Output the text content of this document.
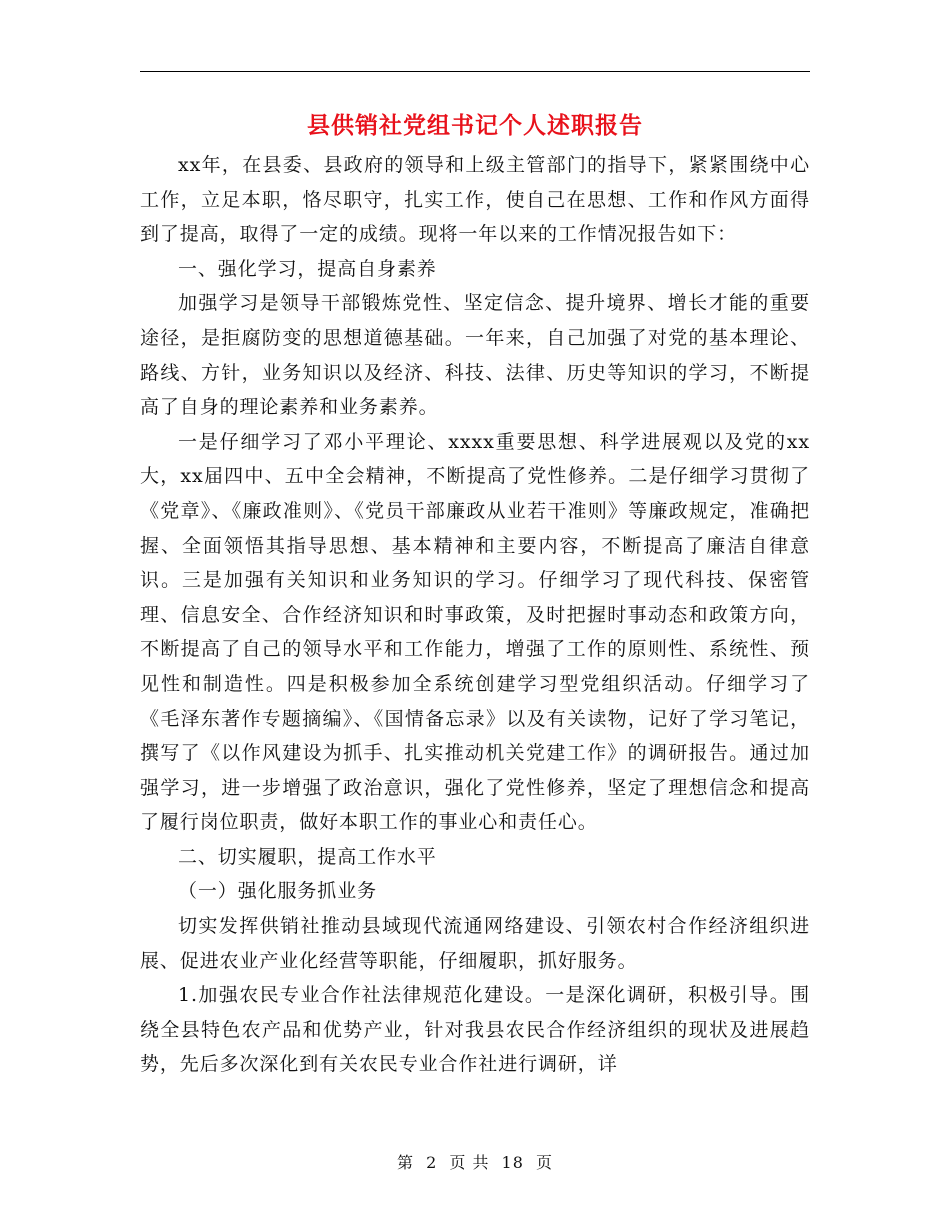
县供销社党组书记个人述职报告

xx年，在县委、县政府的领导和上级主管部门的指导下，紧紧围绕中心工作，立足本职，恪尽职守，扎实工作，使自己在思想、工作和作风方面得到了提高，取得了一定的成绩。现将一年以来的工作情况报告如下：

一、强化学习，提高自身素养

加强学习是领导干部锻炼党性、坚定信念、提升境界、增长才能的重要途径，是拒腐防变的思想道德基础。一年来，自己加强了对党的基本理论、路线、方针，业务知识以及经济、科技、法律、历史等知识的学习，不断提高了自身的理论素养和业务素养。

一是仔细学习了邓小平理论、xxxx重要思想、科学进展观以及党的xx大，xx届四中、五中全会精神，不断提高了党性修养。二是仔细学习贯彻了《党章》、《廉政准则》、《党员干部廉政从业若干准则》等廉政规定，准确把握、全面领悟其指导思想、基本精神和主要内容，不断提高了廉洁自律意识。三是加强有关知识和业务知识的学习。仔细学习了现代科技、保密管理、信息安全、合作经济知识和时事政策，及时把握时事动态和政策方向，不断提高了自己的领导水平和工作能力，增强了工作的原则性、系统性、预见性和制造性。四是积极参加全系统创建学习型党组织活动。仔细学习了《毛泽东著作专题摘编》、《国情备忘录》以及有关读物，记好了学习笔记，撰写了《以作风建设为抓手、扎实推动机关党建工作》的调研报告。通过加强学习，进一步增强了政治意识，强化了党性修养，坚定了理想信念和提高了履行岗位职责，做好本职工作的事业心和责任心。

二、切实履职，提高工作水平

（一）强化服务抓业务

切实发挥供销社推动县域现代流通网络建设、引领农村合作经济组织进展、促进农业产业化经营等职能，仔细履职，抓好服务。

1.加强农民专业合作社法律规范化建设。一是深化调研，积极引导。围绕全县特色农产品和优势产业，针对我县农民合作经济组织的现状及进展趋势，先后多次深化到有关农民专业合作社进行调研，详

第 2 页 共 18 页
